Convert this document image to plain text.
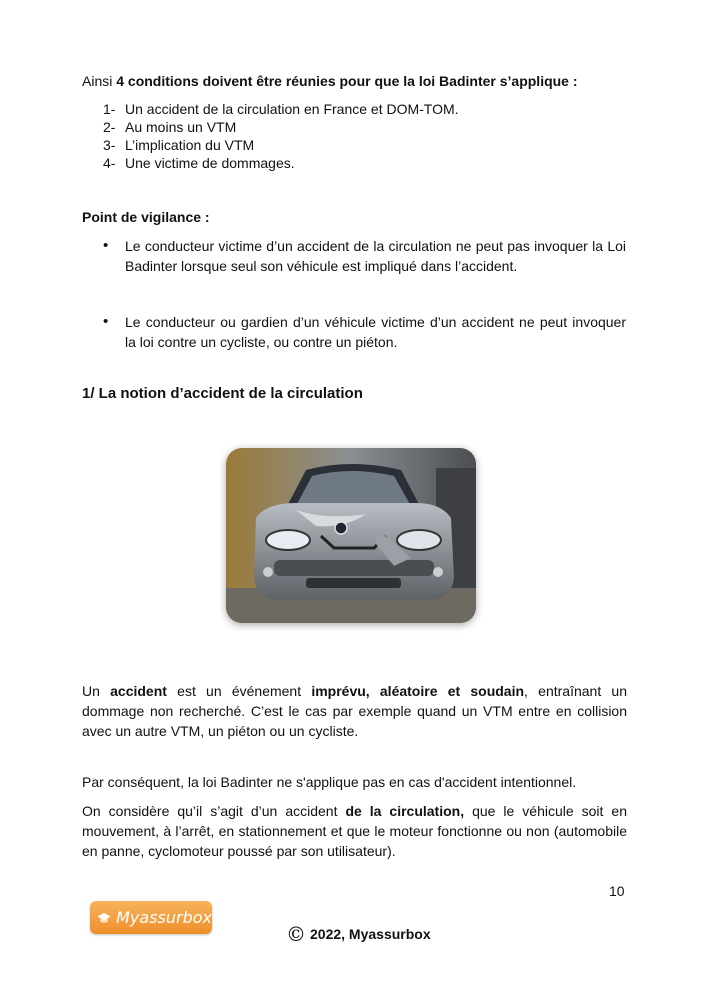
Ainsi 4 conditions doivent être réunies pour que la loi Badinter s’applique :

1- Un accident de la circulation en France et DOM-TOM.
2- Au moins un VTM
3- L’implication du VTM
4- Une victime de dommages.

Point de vigilance :

•	Le conducteur victime d’un accident de la circulation ne peut pas invoquer la Loi Badinter lorsque seul son véhicule est impliqué dans l’accident.
•	Le conducteur ou gardien d’un véhicule victime d’un accident ne peut invoquer la loi contre un cycliste, ou contre un piéton.

1/ La notion d’accident de la circulation

Un accident est un événement imprévu, aléatoire et soudain, entraînant un dommage non recherché. C’est le cas par exemple quand un VTM entre en collision avec un autre VTM, un piéton ou un cycliste.

Par conséquent, la loi Badinter ne s'applique pas en cas d'accident intentionnel.

On considère qu’il s’agit d’un accident de la circulation, que le véhicule soit en mouvement, à l’arrêt, en stationnement et que le moteur fonctionne ou non (automobile en panne, cyclomoteur poussé par son utilisateur).

10

Myassurbox
© 2022, Myassurbox
